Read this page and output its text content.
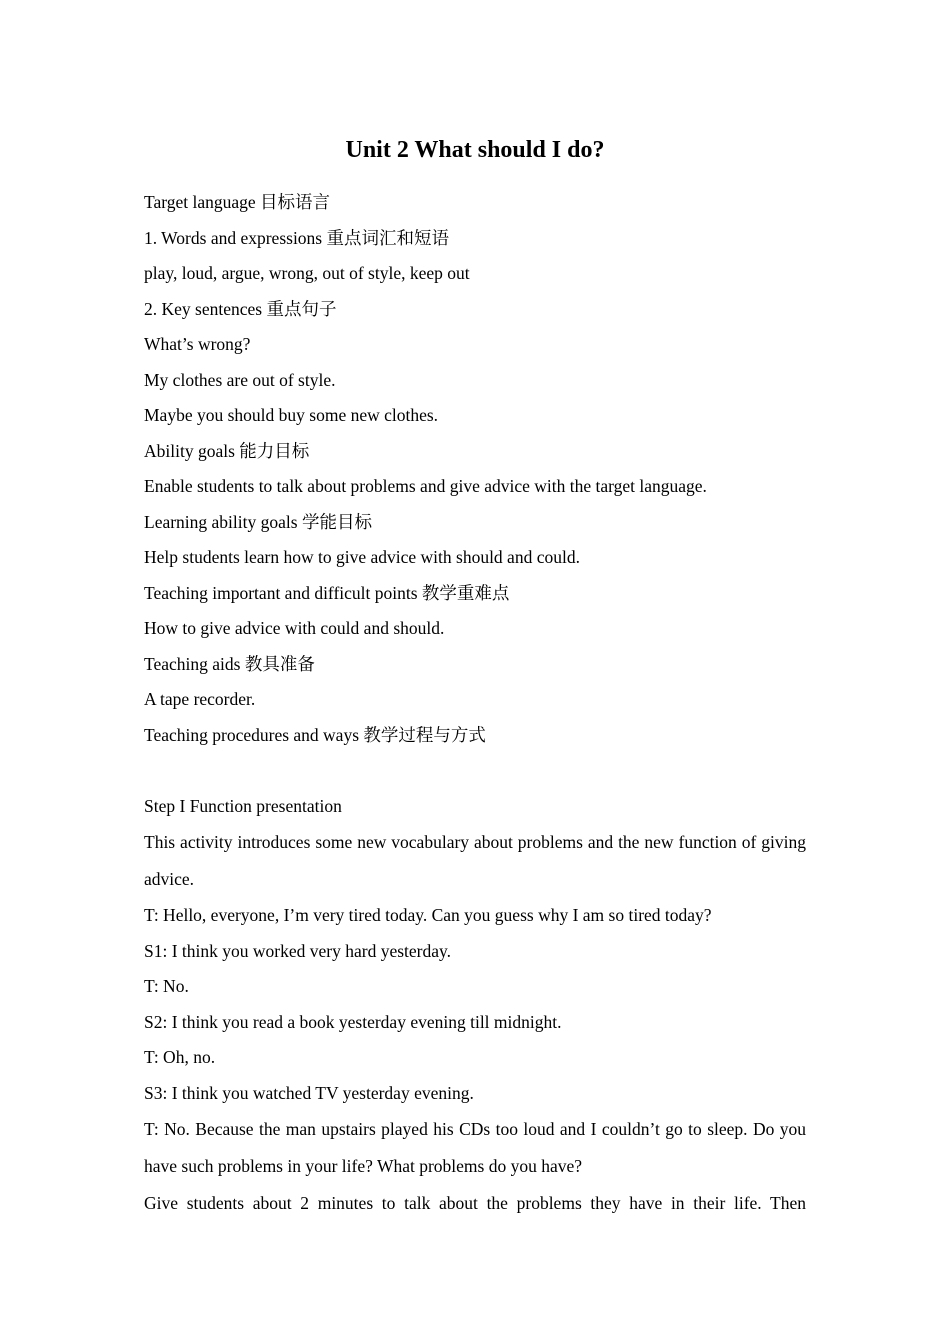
Unit 2 What should I do?
Target language 目标语言
1. Words and expressions 重点词汇和短语
play, loud, argue, wrong, out of style, keep out
2. Key sentences 重点句子
What’s wrong?
My clothes are out of style.
Maybe you should buy some new clothes.
Ability goals 能力目标
Enable students to talk about problems and give advice with the target language.
Learning ability goals 学能目标
Help students learn how to give advice with should and could.
Teaching important and difficult points 教学重难点
How to give advice with could and should.
Teaching aids 教具准备
A tape recorder.
Teaching procedures and ways 教学过程与方式
Step I Function presentation
This activity introduces some new vocabulary about problems and the new function of giving advice.
T: Hello, everyone, I’m very tired today. Can you guess why I am so tired today?
S1: I think you worked very hard yesterday.
T: No.
S2: I think you read a book yesterday evening till midnight.
T: Oh, no.
S3: I think you watched TV yesterday evening.
T: No. Because the man upstairs played his CDs too loud and I couldn’t go to sleep. Do you have such problems in your life? What problems do you have?
Give students about 2 minutes to talk about the problems they have in their life. Then
